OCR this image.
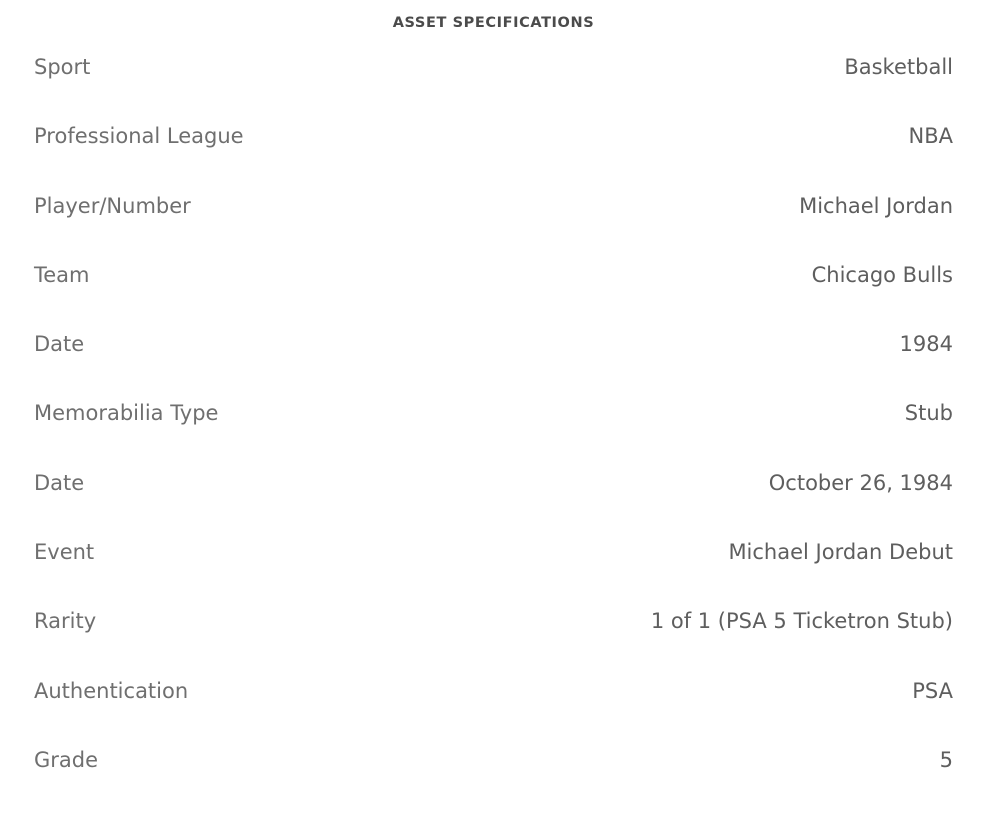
ASSET SPECIFICATIONS
Sport	Basketball
Professional League	NBA
Player/Number	Michael Jordan
Team	Chicago Bulls
Date	1984
Memorabilia Type	Stub
Date	October 26, 1984
Event	Michael Jordan Debut
Rarity	1 of 1 (PSA 5 Ticketron Stub)
Authentication	PSA
Grade	5
